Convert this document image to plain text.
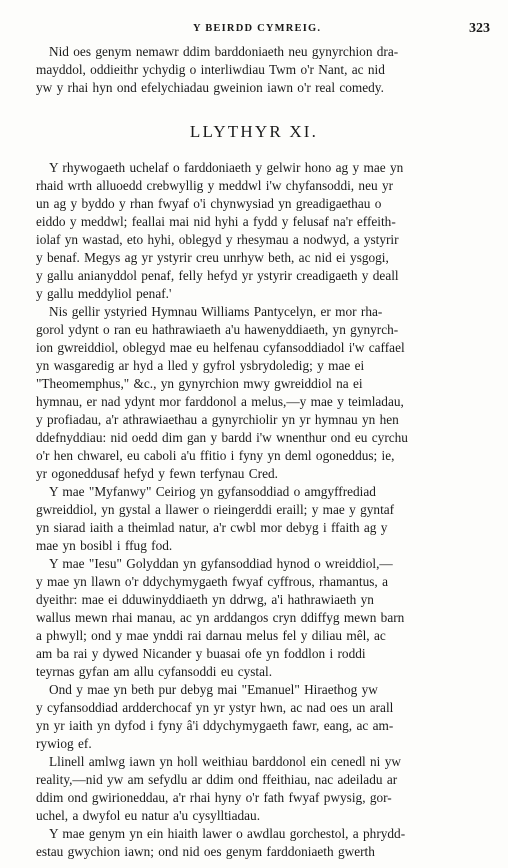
Y BEIRDD CYMREIG.	323
Nid oes genym nemawr ddim barddoniaeth neu gynyrchion dra-
mayddol, oddieithr ychydig o interliwdiau Twm o'r Nant, ac nid
yw y rhai hyn ond efelychiadau gweinion iawn o'r real comedy.
LLYTHYR XI.
Y rhywogaeth uchelaf o farddoniaeth y gelwir hono ag y mae yn
rhaid wrth alluoedd crebwyllig y meddwl i'w chyfansoddi, neu yr
un ag y byddo y rhan fwyaf o'i chynwysiad yn greadigaethau o
eiddo y meddwl; feallai mai nid hyhi a fydd y felusaf na'r effeith-
iolaf yn wastad, eto hyhi, oblegyd y rhesymau a nodwyd, a ystyrir
y benaf. Megys ag yr ystyrir creu unrhyw beth, ac nid ei ysgogi,
y gallu anianyddol penaf, felly hefyd yr ystyrir creadigaeth y deall
y gallu meddyliol penaf.'
Nis gellir ystyried Hymnau Williams Pantycelyn, er mor rha-
gorol ydynt o ran eu hathrawiaeth a'u hawenyddiaeth, yn gynyrch-
ion gwreiddiol, oblegyd mae eu helfenau cyfansoddiadol i'w caffael
yn wasgaredig ar hyd a lled y gyfrol ysbrydoledig; y mae ei
"Theomemphus," &c., yn gynyrchion mwy gwreiddiol na ei
hymnau, er nad ydynt mor farddonol a melus,—y mae y teimladau,
y profiadau, a'r athrawiaethau a gynyrchiolir yn yr hymnau yn hen
ddefnyddiau: nid oedd dim gan y bardd i'w wnenthur ond eu cyrchu
o'r hen chwarel, eu caboli a'u ffitio i fyny yn deml ogoneddus; ie,
yr ogoneddusaf hefyd y fewn terfynau Cred.
Y mae "Myfanwy" Ceiriog yn gyfansoddiad o amgyffrediad
gwreiddiol, yn gystal a llawer o rieingerddi eraill; y mae y gyntaf
yn siarad iaith a theimlad natur, a'r cwbl mor debyg i ffaith ag y
mae yn bosibl i ffug fod.
Y mae "Iesu" Golyddan yn gyfansoddiad hynod o wreiddiol,—
y mae yn llawn o'r ddychymygaeth fwyaf cyffrous, rhamantus, a
dyeithr: mae ei dduwinyddiaeth yn ddrwg, a'i hathrawiaeth yn
wallus mewn rhai manau, ac yn arddangos cryn ddiffyg mewn barn
a phwyll; ond y mae ynddi rai darnau melus fel y diliau mêl, ac
am ba rai y dywed Nicander y buasai ofe yn foddlon i roddi
teyrnas gyfan am allu cyfansoddi eu cystal.
Ond y mae yn beth pur debyg mai "Emanuel" Hiraethog yw
y cyfansoddiad ardderchocaf yn yr ystyr hwn, ac nad oes un arall
yn yr iaith yn dyfod i fyny â'i ddychymygaeth fawr, eang, ac am-
rywiog ef.
Llinell amlwg iawn yn holl weithiau barddonol ein cenedl ni yw
reality,—nid yw am sefydlu ar ddim ond ffeithiau, nac adeiladu ar
ddim ond gwirioneddau, a'r rhai hyny o'r fath fwyaf pwysig, gor-
uchel, a dwyfol eu natur a'u cysylltiadau.
Y mae genym yn ein hiaith lawer o awdlau gorchestol, a phrydd-
estau gwychion iawn; ond nid oes genym farddoniaeth gwerth
